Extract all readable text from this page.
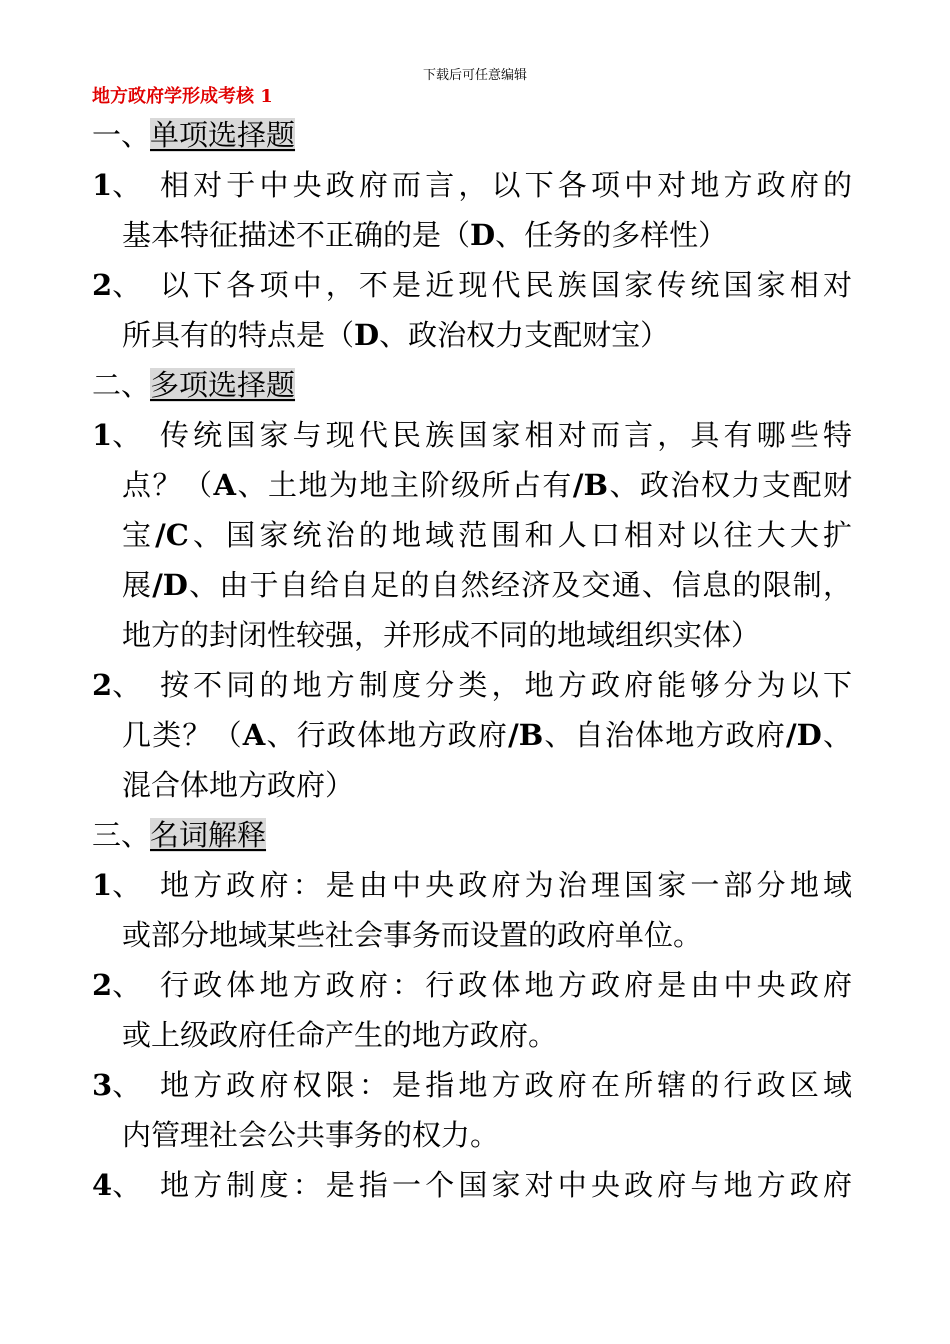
下载后可任意编辑
地方政府学形成考核 1
一、单项选择题
1、 相对于中央政府而言，以下各项中对地方政府的
基本特征描述不正确的是（D、任务的多样性）
2、 以下各项中，不是近现代民族国家传统国家相对
所具有的特点是（D、政治权力支配财宝）
二、多项选择题
1、 传统国家与现代民族国家相对而言，具有哪些特
点？（A、土地为地主阶级所占有/B、政治权力支配财宝/C、国家统治的地域范围和人口相对以往大大扩展/D、由于自给自足的自然经济及交通、信息的限制，地方的封闭性较强，并形成不同的地域组织实体）
2、 按不同的地方制度分类，地方政府能够分为以下
几类？（A、行政体地方政府/B、自治体地方政府/D、混合体地方政府）
三、名词解释
1、 地方政府：是由中央政府为治理国家一部分地域
或部分地域某些社会事务而设置的政府单位。
2、 行政体地方政府：行政体地方政府是由中央政府
或上级政府任命产生的地方政府。
3、 地方政府权限：是指地方政府在所辖的行政区域
内管理社会公共事务的权力。
4、 地方制度：是指一个国家对中央政府与地方政府
